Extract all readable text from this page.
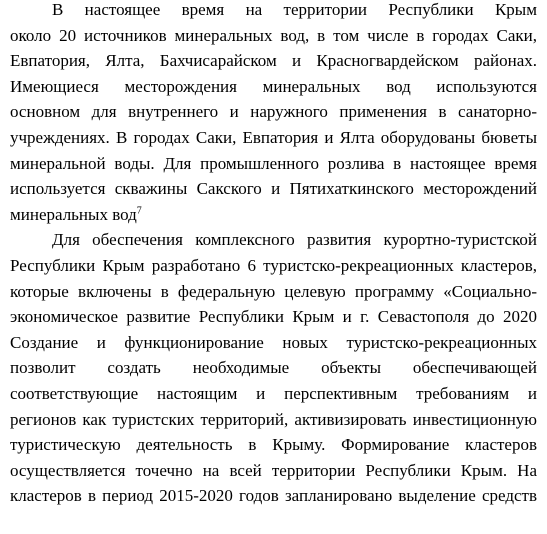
В настоящее время на территории Республики Крым
около 20 источников минеральных вод, в том числе в городах Саки,
Евпатория, Ялта, Бахчисарайском и Красногвардейском районах.
Имеющиеся месторождения минеральных вод используются
основном для внутреннего и наружного применения в санаторно-
учреждениях. В городах Саки, Евпатория и Ялта оборудованы бюветы
минеральной воды. Для промышленного розлива в настоящее время
используется скважины Сакского и Пятихаткинского месторождений
минеральных вод$^7$
Для обеспечения комплексного развития курортно-туристской
Республики Крым разработано 6 туристско-рекреационных кластеров,
которые включены в федеральную целевую программу «Социально-
экономическое развитие Республики Крым и г. Севастополя до 2020
Создание и функционирование новых туристско-рекреационных
позволит создать необходимые объекты обеспечивающей
соответствующие настоящим и перспективным требованиям и
регионов как туристских территорий, активизировать инвестиционную
туристическую деятельность в Крыму. Формирование кластеров
осуществляется точечно на всей территории Республики Крым. На
кластеров в период 2015-2020 годов запланировано выделение средств
